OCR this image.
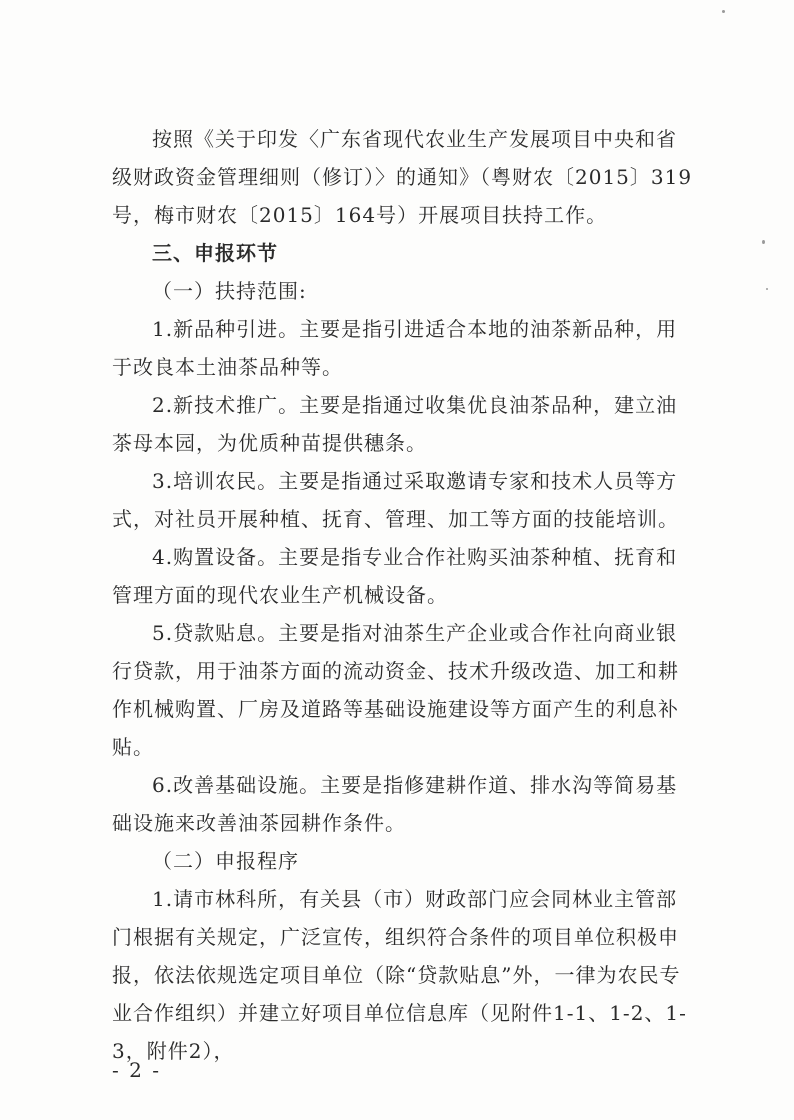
按照《关于印发〈广东省现代农业生产发展项目中央和省级财政资金管理细则（修订）〉的通知》（粤财农〔2015〕319号，梅市财农〔2015〕164号）开展项目扶持工作。

三、申报环节

（一）扶持范围:

1.新品种引进。主要是指引进适合本地的油茶新品种，用于改良本土油茶品种等。

2.新技术推广。主要是指通过收集优良油茶品种，建立油茶母本园，为优质种苗提供穗条。

3.培训农民。主要是指通过采取邀请专家和技术人员等方式，对社员开展种植、抚育、管理、加工等方面的技能培训。

4.购置设备。主要是指专业合作社购买油茶种植、抚育和管理方面的现代农业生产机械设备。

5.贷款贴息。主要是指对油茶生产企业或合作社向商业银行贷款，用于油茶方面的流动资金、技术升级改造、加工和耕作机械购置、厂房及道路等基础设施建设等方面产生的利息补贴。

6.改善基础设施。主要是指修建耕作道、排水沟等简易基础设施来改善油茶园耕作条件。

（二）申报程序

1.请市林科所，有关县（市）财政部门应会同林业主管部门根据有关规定，广泛宣传，组织符合条件的项目单位积极申报，依法依规选定项目单位（除“贷款贴息”外，一律为农民专业合作组织）并建立好项目单位信息库（见附件1-1、1-2、1-3，附件2），

- 2 -
